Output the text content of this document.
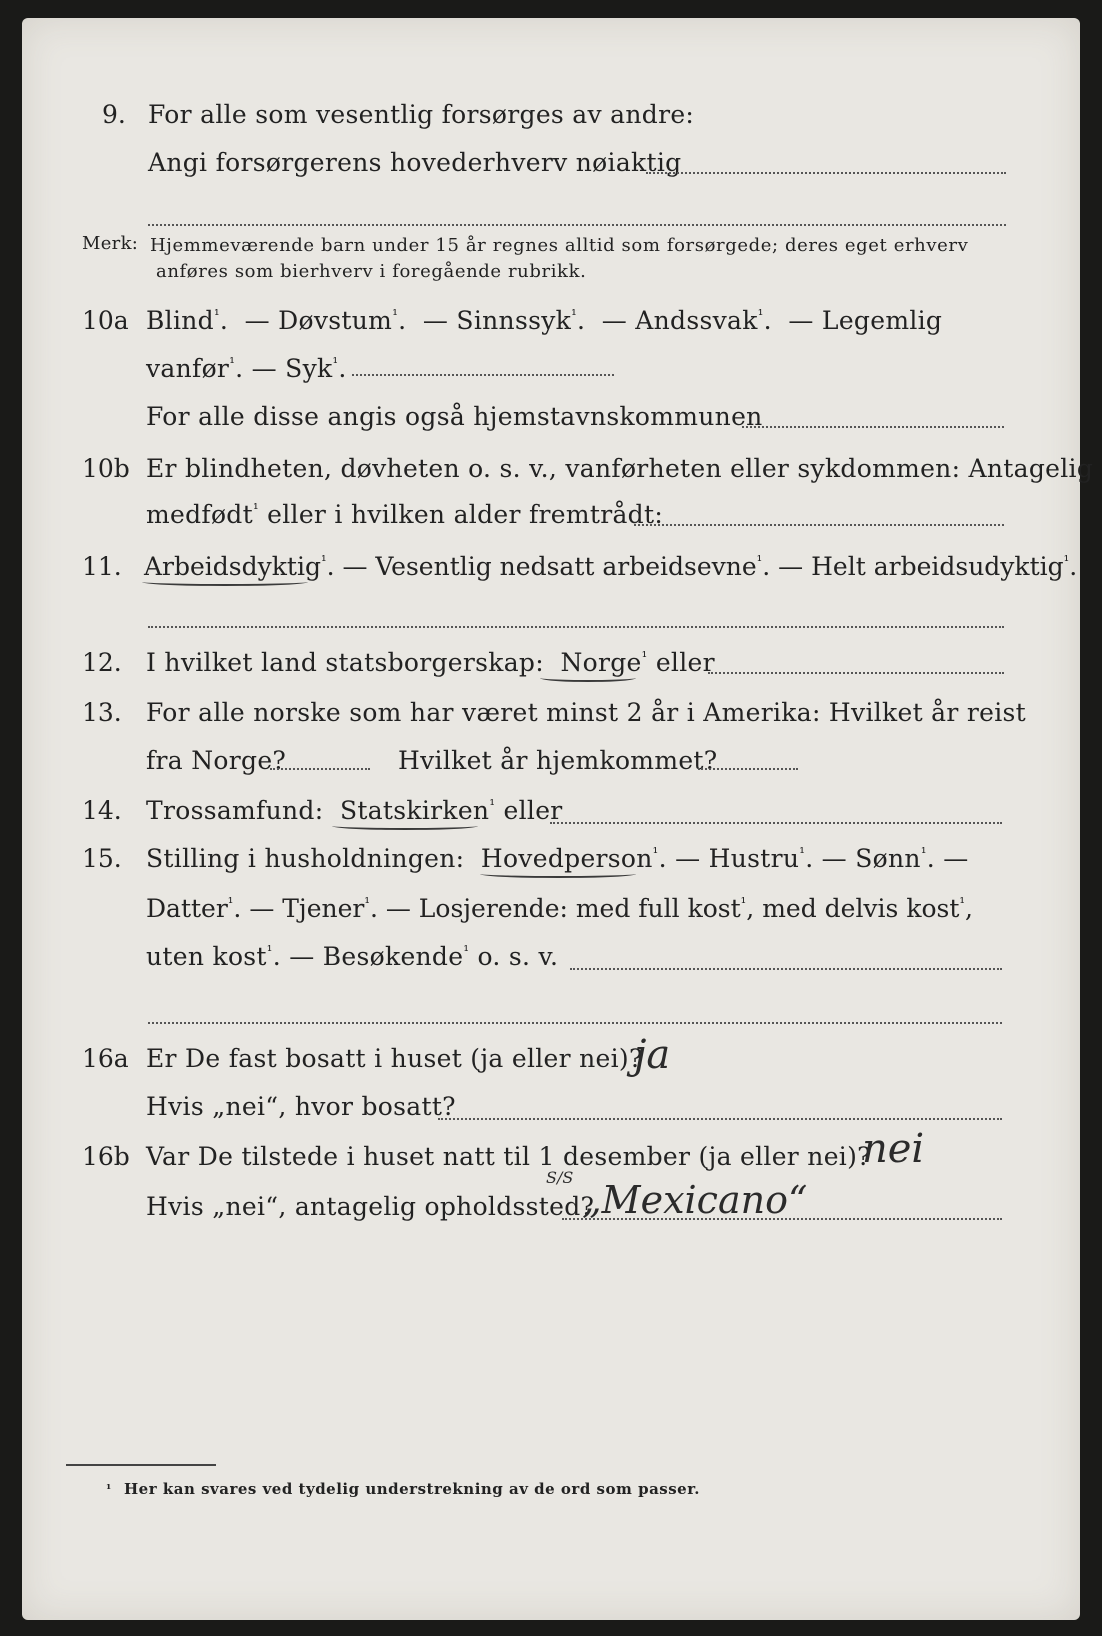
9. For alle som vesentlig forsørges av andre:
Angi forsørgerens hovederhverv nøiaktig
Merk: Hjemmeværende barn under 15 år regnes alltid som forsørgede; deres eget erhverv
anføres som bierhverv i foregående rubrikk.
10a Blind$^{^1}$.  — Døvstum$^{^1}$.  — Sinnssyk$^{^1}$.  — Andssvak$^{^1}$.  — Legemlig
vanfør$^{^1}$. — Syk$^{^1}$.
For alle disse angis også hjemstavnskommunen
10b Er blindheten, døvheten o. s. v., vanførheten eller sykdommen: Antagelig
medfødt$^{^1}$ eller i hvilken alder fremtrådt:
11. Arbeidsdyktig$^{^1}$. — Vesentlig nedsatt arbeidsevne$^{^1}$. — Helt arbeidsudyktig$^{^1}$.
12. I hvilket land statsborgerskap: Norge$^{^1}$ eller
13. For alle norske som har været minst 2 år i Amerika: Hvilket år reist
fra Norge?	Hvilket år hjemkommet?
14. Trossamfund: Statskirken$^{^1}$ eller
15. Stilling i husholdningen: Hovedperson$^{^1}$. — Hustru$^{^1}$. — Sønn$^{^1}$. —
Datter$^{^1}$. — Tjener$^{^1}$. — Losjerende: med full kost$^{^1}$, med delvis kost$^{^1}$,
uten kost$^{^1}$. — Besøkende$^{^1}$ o. s. v.
16a Er De fast bosatt i huset (ja eller nei)?
ja
Hvis „nei“, hvor bosatt?
16b Var De tilstede i huset natt til 1 desember (ja eller nei)?
nei
Hvis „nei“, antagelig opholdssted?
S/S
„Mexicano“
¹ Her kan svares ved tydelig understrekning av de ord som passer.
